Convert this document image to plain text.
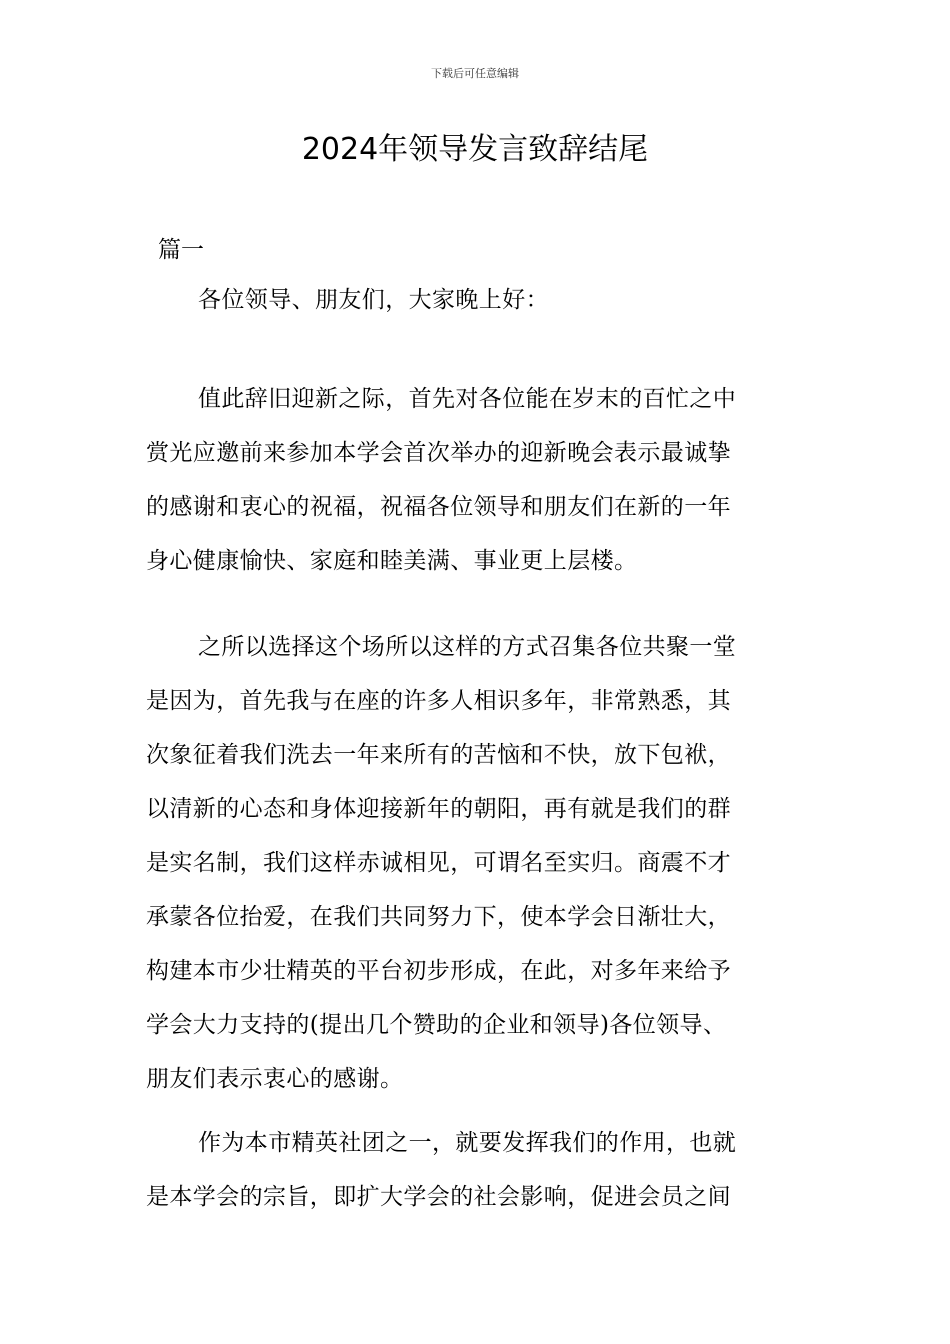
下载后可任意编辑
2024年领导发言致辞结尾
篇一
各位领导、朋友们，大家晚上好：

值此辞旧迎新之际，首先对各位能在岁末的百忙之中
赏光应邀前来参加本学会首次举办的迎新晚会表示最诚挚
的感谢和衷心的祝福，祝福各位领导和朋友们在新的一年
身心健康愉快、家庭和睦美满、事业更上层楼。

之所以选择这个场所以这样的方式召集各位共聚一堂
是因为，首先我与在座的许多人相识多年，非常熟悉，其
次象征着我们洗去一年来所有的苦恼和不快，放下包袱，
以清新的心态和身体迎接新年的朝阳，再有就是我们的群
是实名制，我们这样赤诚相见，可谓名至实归。商震不才
承蒙各位抬爱，在我们共同努力下，使本学会日渐壮大，
构建本市少壮精英的平台初步形成，在此，对多年来给予
学会大力支持的(提出几个赞助的企业和领导)各位领导、
朋友们表示衷心的感谢。

作为本市精英社团之一，就要发挥我们的作用，也就
是本学会的宗旨，即扩大学会的社会影响，促进会员之间
